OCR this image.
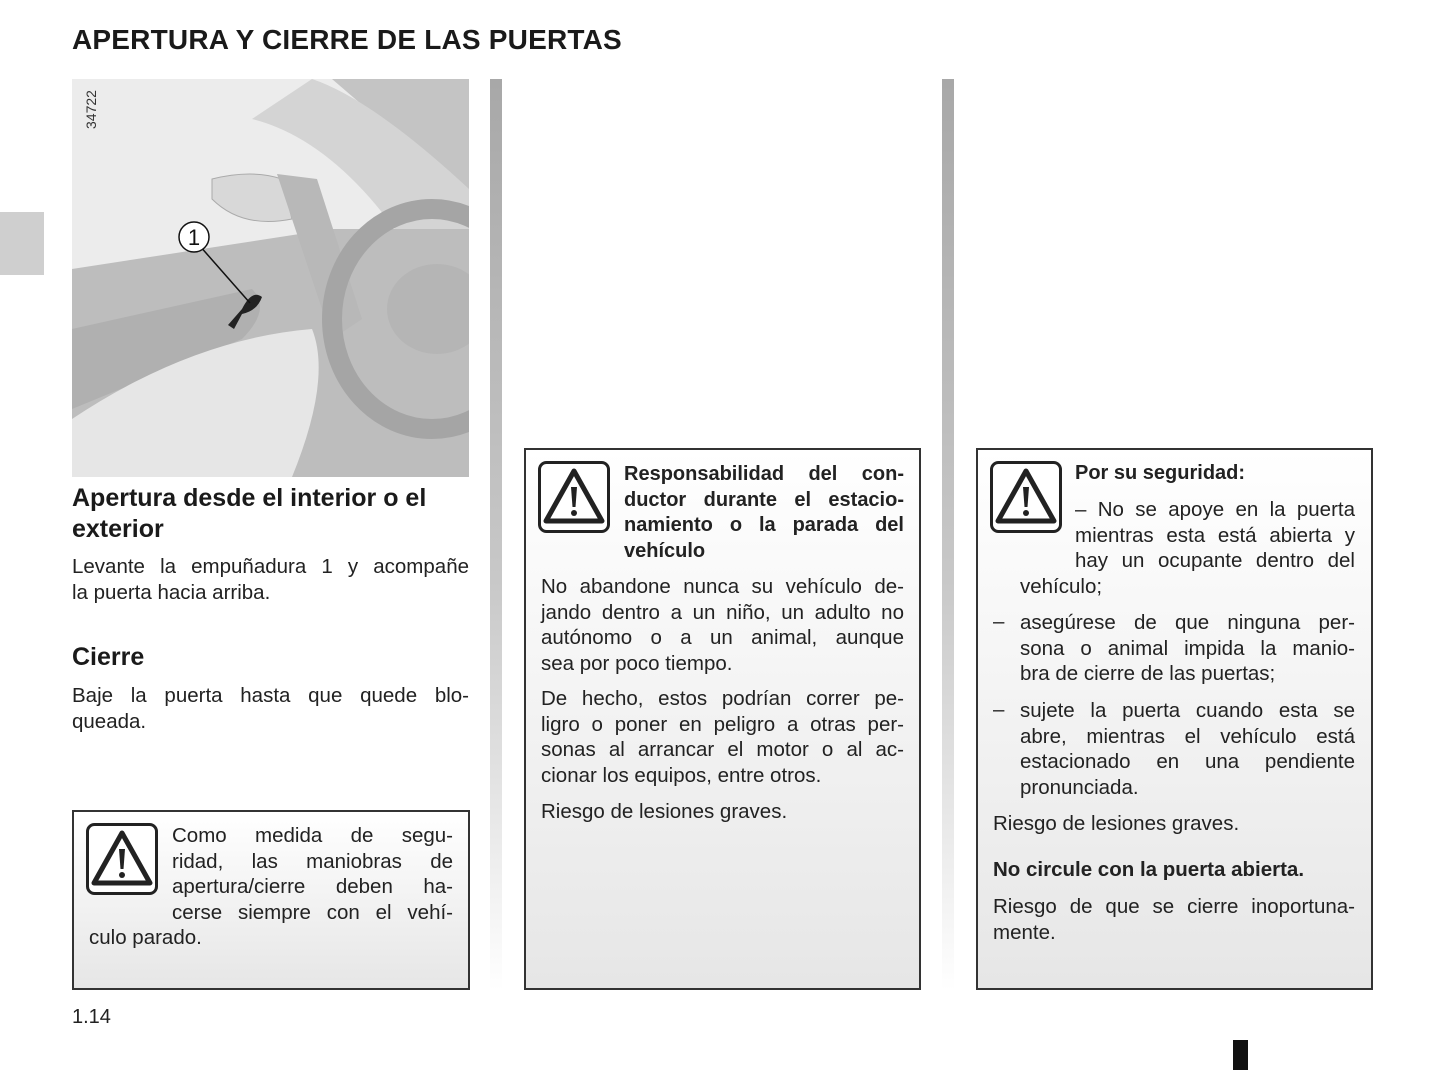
APERTURA Y CIERRE DE LAS PUERTAS
1
34722
Apertura desde el interior o el
exterior
Levante la empuñadura 1 y acompañe
la puerta hacia arriba.
Cierre
Baje la puerta hasta que quede blo-
queada.
Como medida de segu-
ridad, las maniobras de
apertura/cierre deben ha-
cerse siempre con el vehí-
culo parado.
Responsabilidad del con-
ductor durante el estacio-
namiento o la parada del
vehículo
No abandone nunca su vehículo de-
jando dentro a un niño, un adulto no
autónomo o a un animal, aunque
sea por poco tiempo.
De hecho, estos podrían correr pe-
ligro o poner en peligro a otras per-
sonas al arrancar el motor o al ac-
cionar los equipos, entre otros.
Riesgo de lesiones graves.
Por su seguridad:
– No se apoye en la puerta
mientras esta está abierta y
hay un ocupante dentro del
vehículo;
– asegúrese de que ninguna per-
sona o animal impida la manio-
bra de cierre de las puertas;
– sujete la puerta cuando esta se
abre, mientras el vehículo está
estacionado en una pendiente
pronunciada.
Riesgo de lesiones graves.
No circule con la puerta abierta.
Riesgo de que se cierre inoportuna-
mente.
1.14
